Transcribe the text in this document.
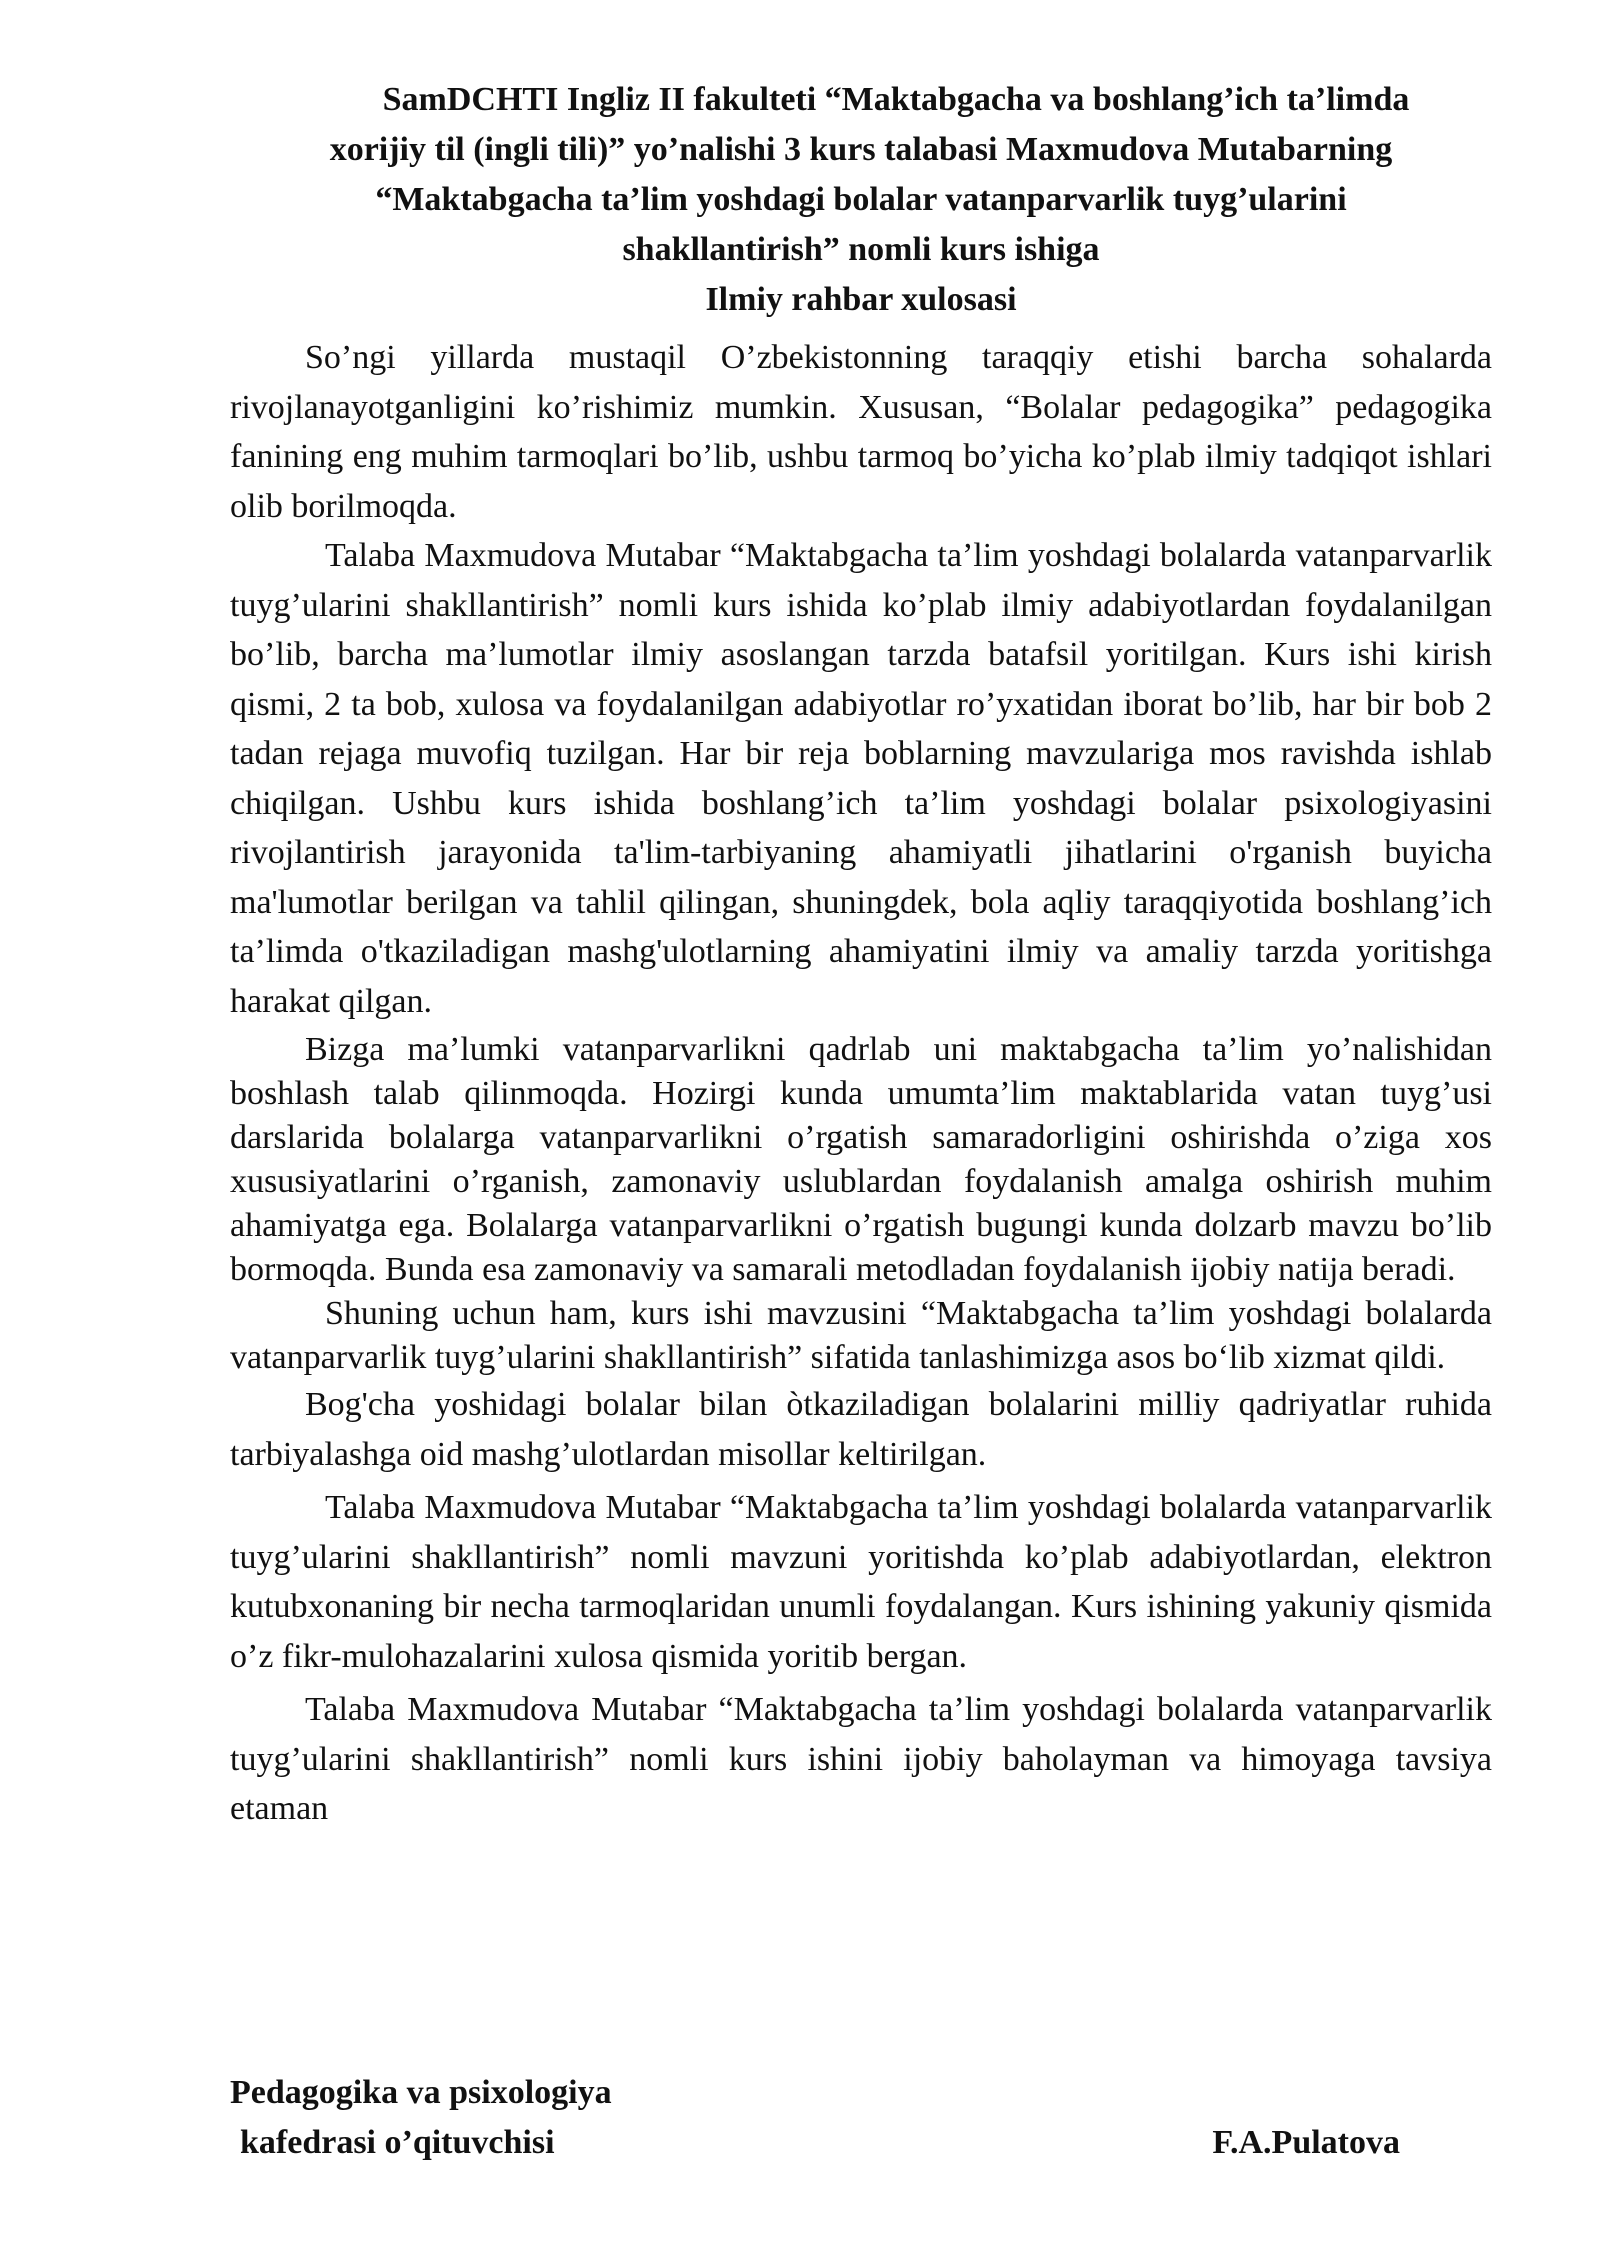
SamDCHTI Ingliz II fakulteti “Maktabgacha va boshlang’ich ta’limda
xorijiy til (ingli tili)” yo’nalishi 3 kurs talabasi Maxmudova Mutabarning
“Maktabgacha ta’lim yoshdagi bolalar vatanparvarlik tuyg’ularini
shakllantirish” nomli kurs ishiga
Ilmiy rahbar xulosasi

So’ngi yillarda mustaqil O’zbekistonning taraqqiy etishi barcha sohalarda rivojlanayotganligini ko’rishimiz mumkin. Xususan, “Bolalar pedagogika” pedagogika fanining eng muhim tarmoqlari bo’lib, ushbu tarmoq bo’yicha ko’plab ilmiy tadqiqot ishlari olib borilmoqda.

Talaba Maxmudova Mutabar “Maktabgacha ta’lim yoshdagi bolalarda vatanparvarlik tuyg’ularini shakllantirish” nomli kurs ishida ko’plab ilmiy adabiyotlardan foydalanilgan bo’lib, barcha ma’lumotlar ilmiy asoslangan tarzda batafsil yoritilgan. Kurs ishi kirish qismi, 2 ta bob, xulosa va foydalanilgan adabiyotlar ro’yxatidan iborat bo’lib, har bir bob 2 tadan rejaga muvofiq tuzilgan. Har bir reja boblarning mavzulariga mos ravishda ishlab chiqilgan. Ushbu kurs ishida boshlang’ich ta’lim yoshdagi bolalar psixologiyasini rivojlantirish jarayonida ta'lim-tarbiyaning ahamiyatli jihatlarini o'rganish buyicha ma'lumotlar berilgan va tahlil qilingan, shuningdek, bola aqliy taraqqiyotida boshlang’ich ta’limda o'tkaziladigan mashg'ulotlarning ahamiyatini ilmiy va amaliy tarzda yoritishga harakat qilgan.

Bizga ma’lumki vatanparvarlikni qadrlab uni maktabgacha ta’lim yo’nalishidan boshlash talab qilinmoqda. Hozirgi kunda umumta’lim maktablarida vatan tuyg’usi darslarida bolalarga vatanparvarlikni o’rgatish samaradorligini oshirishda o’ziga xos xususiyatlarini o’rganish, zamonaviy uslublardan foydalanish amalga oshirish muhim ahamiyatga ega. Bolalarga vatanparvarlikni o’rgatish bugungi kunda dolzarb mavzu bo’lib bormoqda. Bunda esa zamonaviy va samarali metodladan foydalanish ijobiy natija beradi.

Shuning uchun ham, kurs ishi mavzusini “Maktabgacha ta’lim yoshdagi bolalarda vatanparvarlik tuyg’ularini shakllantirish” sifatida tanlashimizga asos bo‘lib xizmat qildi.

Bog'cha yoshidagi bolalar bilan òtkaziladigan bolalarini milliy qadriyatlar ruhida tarbiyalashga oid mashg’ulotlardan misollar keltirilgan.

Talaba Maxmudova Mutabar “Maktabgacha ta’lim yoshdagi bolalarda vatanparvarlik tuyg’ularini shakllantirish” nomli mavzuni yoritishda ko’plab adabiyotlardan, elektron kutubxonaning bir necha tarmoqlaridan unumli foydalangan. Kurs ishining yakuniy qismida o’z fikr-mulohazalarini xulosa qismida yoritib bergan.

Talaba Maxmudova Mutabar “Maktabgacha ta’lim yoshdagi bolalarda vatanparvarlik tuyg’ularini shakllantirish” nomli kurs ishini ijobiy baholayman va himoyaga tavsiya etaman

Pedagogika va psixologiya
kafedrasi o’qituvchisi	F.A.Pulatova
